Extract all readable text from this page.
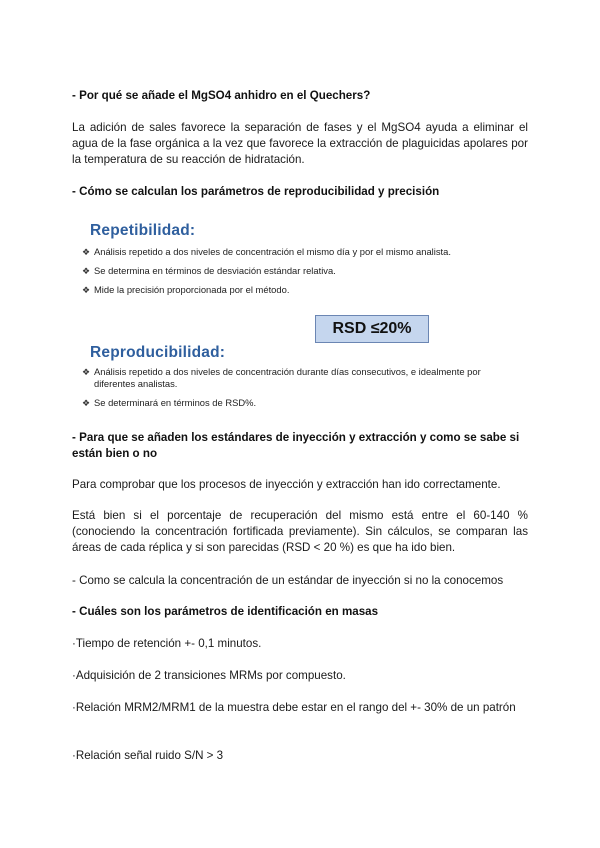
- Por qué se añade el MgSO4 anhidro en el Quechers?
La adición de sales favorece la separación de fases y el MgSO4 ayuda a eliminar el agua de la fase orgánica a la vez que favorece la extracción de plaguicidas apolares por la temperatura de su reacción de hidratación.
- Cómo se calculan los parámetros de reproducibilidad y precisión
Repetibilidad:
❖ Análisis repetido a dos niveles de concentración el mismo día y por el mismo analista.
❖ Se determina en términos de desviación estándar relativa.
❖ Mide la precisión proporcionada por el método.
RSD ≤20%
Reproducibilidad:
❖ Análisis repetido a dos niveles de concentración durante días consecutivos, e idealmente por diferentes analistas.
❖ Se determinará en términos de RSD%.
- Para que se añaden los estándares de inyección y extracción y como se sabe si están bien o no
Para comprobar que los procesos de inyección y extracción han ido correctamente.
Está bien si el porcentaje de recuperación del mismo está entre el 60-140 % (conociendo la concentración fortificada previamente). Sin cálculos, se comparan las áreas de cada réplica y si son parecidas (RSD < 20 %) es que ha ido bien.
- Como se calcula la concentración de un estándar de inyección si no la conocemos
- Cuáles son los parámetros de identificación en masas
·Tiempo de retención +- 0,1 minutos.
·Adquisición de 2 transiciones MRMs por compuesto.
·Relación MRM2/MRM1 de la muestra debe estar en el rango del +- 30% de un patrón
·Relación señal ruido S/N > 3
